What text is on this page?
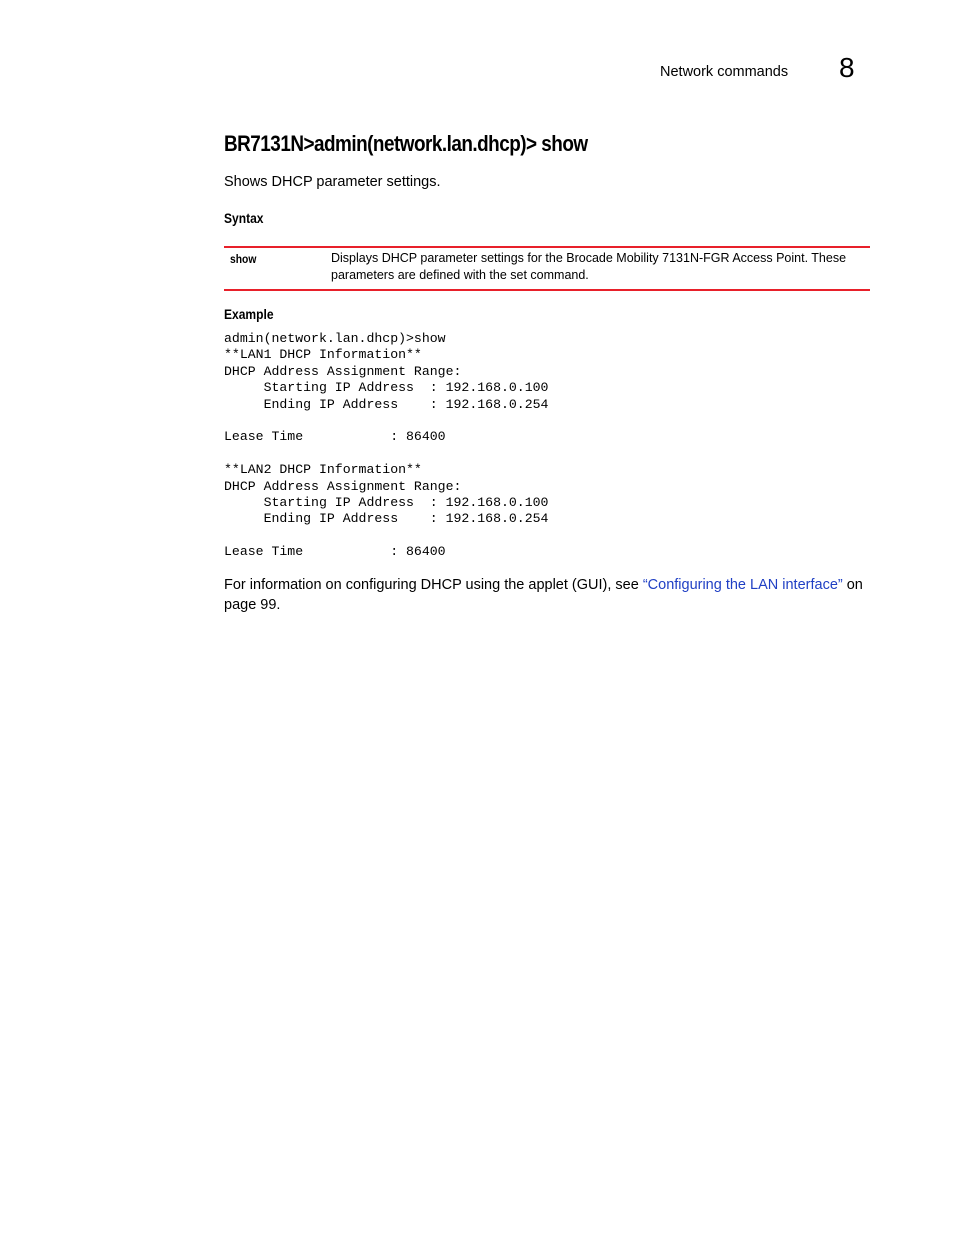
Network commands 8
BR7131N>admin(network.lan.dhcp)> show
Shows DHCP parameter settings.
Syntax
show	Displays DHCP parameter settings for the Brocade Mobility 7131N-FGR Access Point. These parameters are defined with the set command.
Example
admin(network.lan.dhcp)>show
**LAN1 DHCP Information**
DHCP Address Assignment Range:
Starting IP Address  : 192.168.0.100
Ending IP Address    : 192.168.0.254
Lease Time           : 86400
**LAN2 DHCP Information**
DHCP Address Assignment Range:
Starting IP Address  : 192.168.0.100
Ending IP Address    : 192.168.0.254
Lease Time           : 86400
For information on configuring DHCP using the applet (GUI), see “Configuring the LAN interface” on page 99.
